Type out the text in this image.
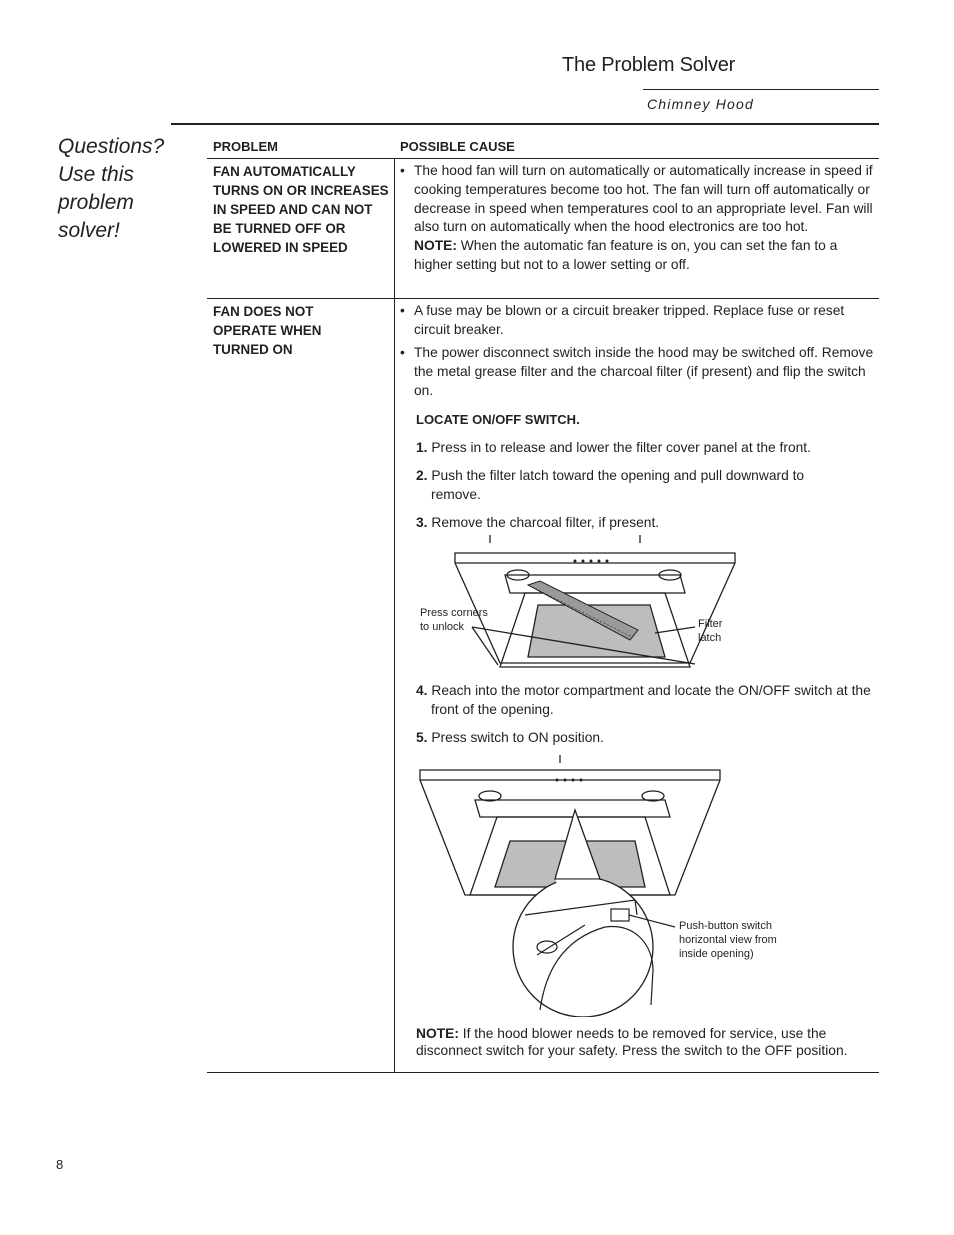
The Problem Solver
Chimney Hood
Questions?
Use this
problem
solver!
PROBLEM	POSSIBLE CAUSE
FAN AUTOMATICALLY
TURNS ON OR INCREASES
IN SPEED AND CAN NOT
BE TURNED OFF OR
LOWERED IN SPEED
• The hood fan will turn on automatically or automatically increase in speed if cooking temperatures become too hot. The fan will turn off automatically or decrease in speed when temperatures cool to an appropriate level. Fan will also turn on automatically when the hood electronics are too hot.
NOTE: When the automatic fan feature is on, you can set the fan to a higher setting but not to a lower setting or off.
FAN DOES NOT
OPERATE WHEN
TURNED ON
• A fuse may be blown or a circuit breaker tripped. Replace fuse or reset circuit breaker.
• The power disconnect switch inside the hood may be switched off. Remove the metal grease filter and the charcoal filter (if present) and flip the switch on.
LOCATE ON/OFF SWITCH.
1. Press in to release and lower the filter cover panel at the front.
2. Push the filter latch toward the opening and pull downward to remove.
3. Remove the charcoal filter, if present.
Press corners
to unlock	Filter
latch
4. Reach into the motor compartment and locate the ON/OFF switch at the front of the opening.
5. Press switch to ON position.
Push-button switch
horizontal view from
inside opening)
NOTE: If the hood blower needs to be removed for service, use the disconnect switch for your safety. Press the switch to the OFF position.
8
